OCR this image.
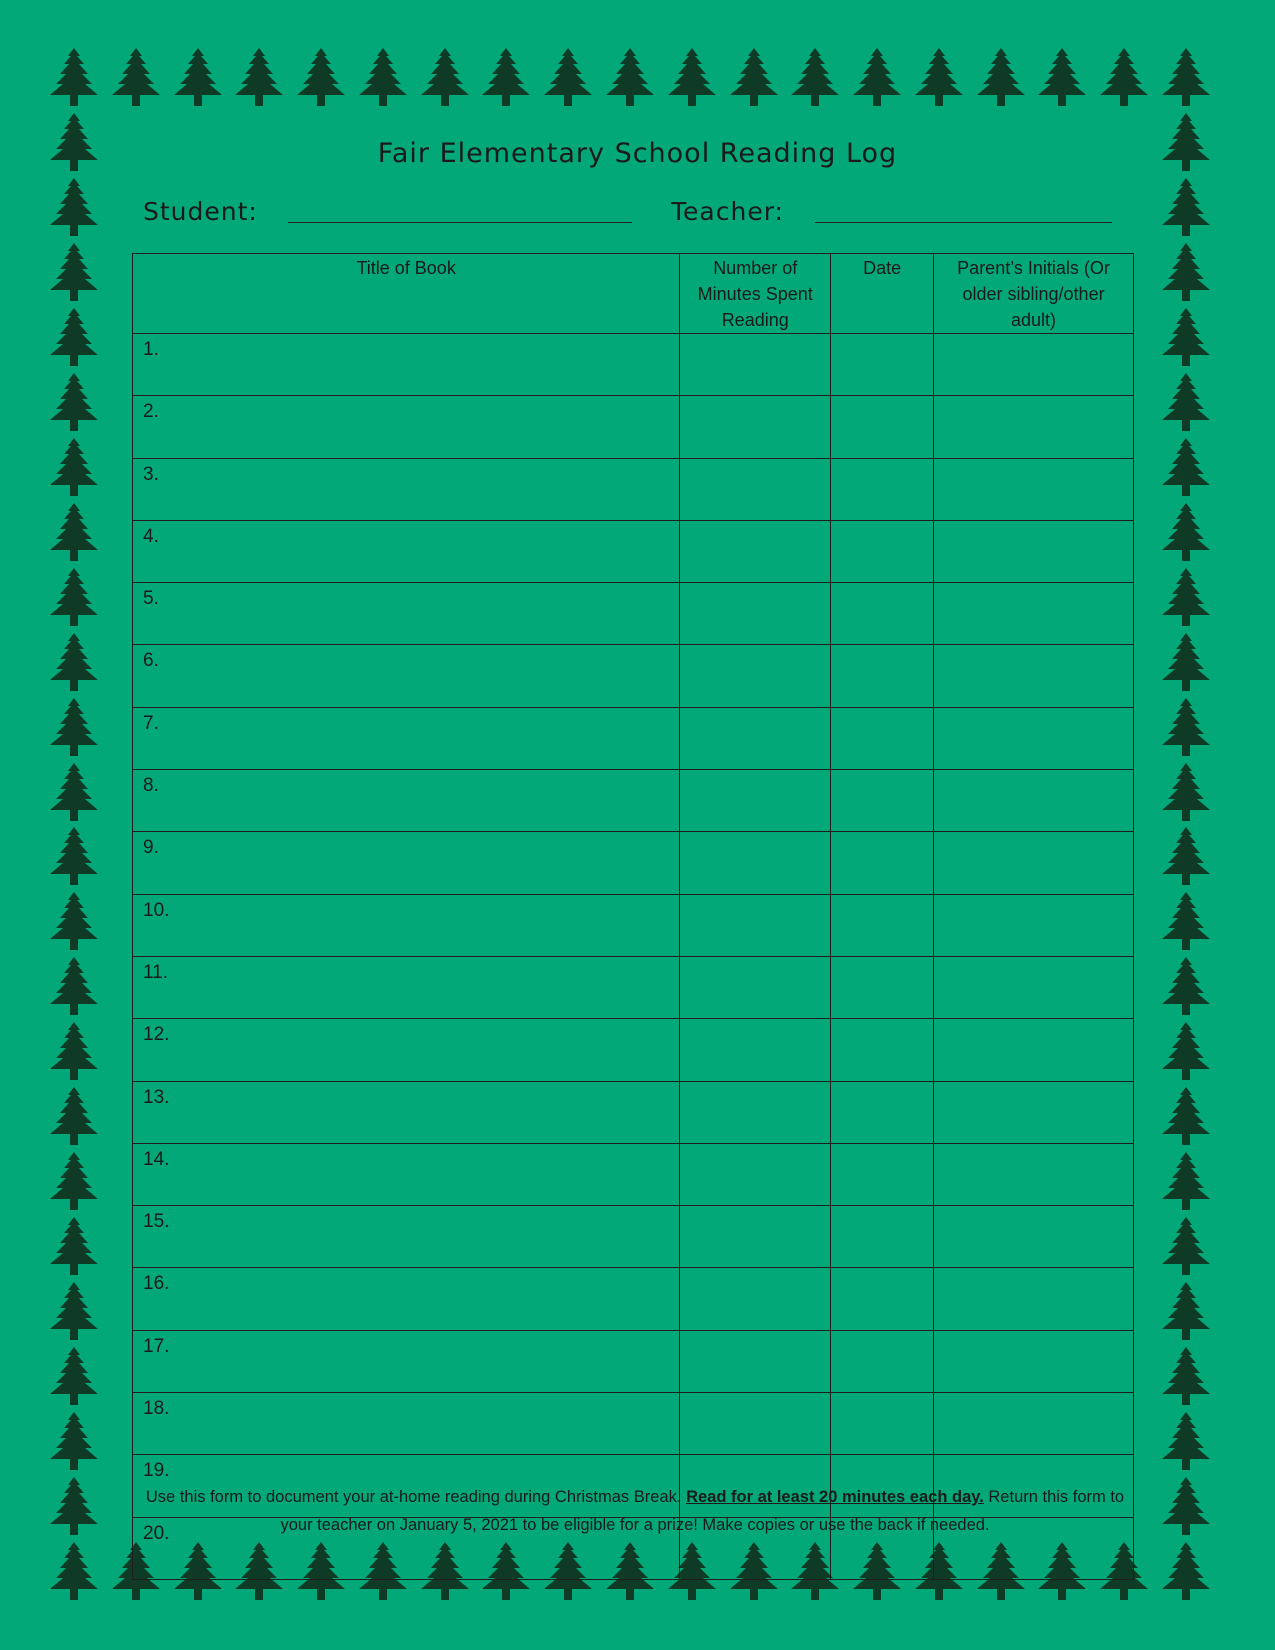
Fair Elementary School Reading Log
Student:	Teacher:
Title of Book	Number of Minutes Spent Reading	Date	Parent’s Initials (Or older sibling/other adult)
1.			
2.			
3.			
4.			
5.			
6.			
7.			
8.			
9.			
10.			
11.			
12.			
13.			
14.			
15.			
16.			
17.			
18.			
19.			
20.			
Use this form to document your at-home reading during Christmas Break. Read for at least 20 minutes each day. Return this form to your teacher on January 5, 2021 to be eligible for a prize! Make copies or use the back if needed.
